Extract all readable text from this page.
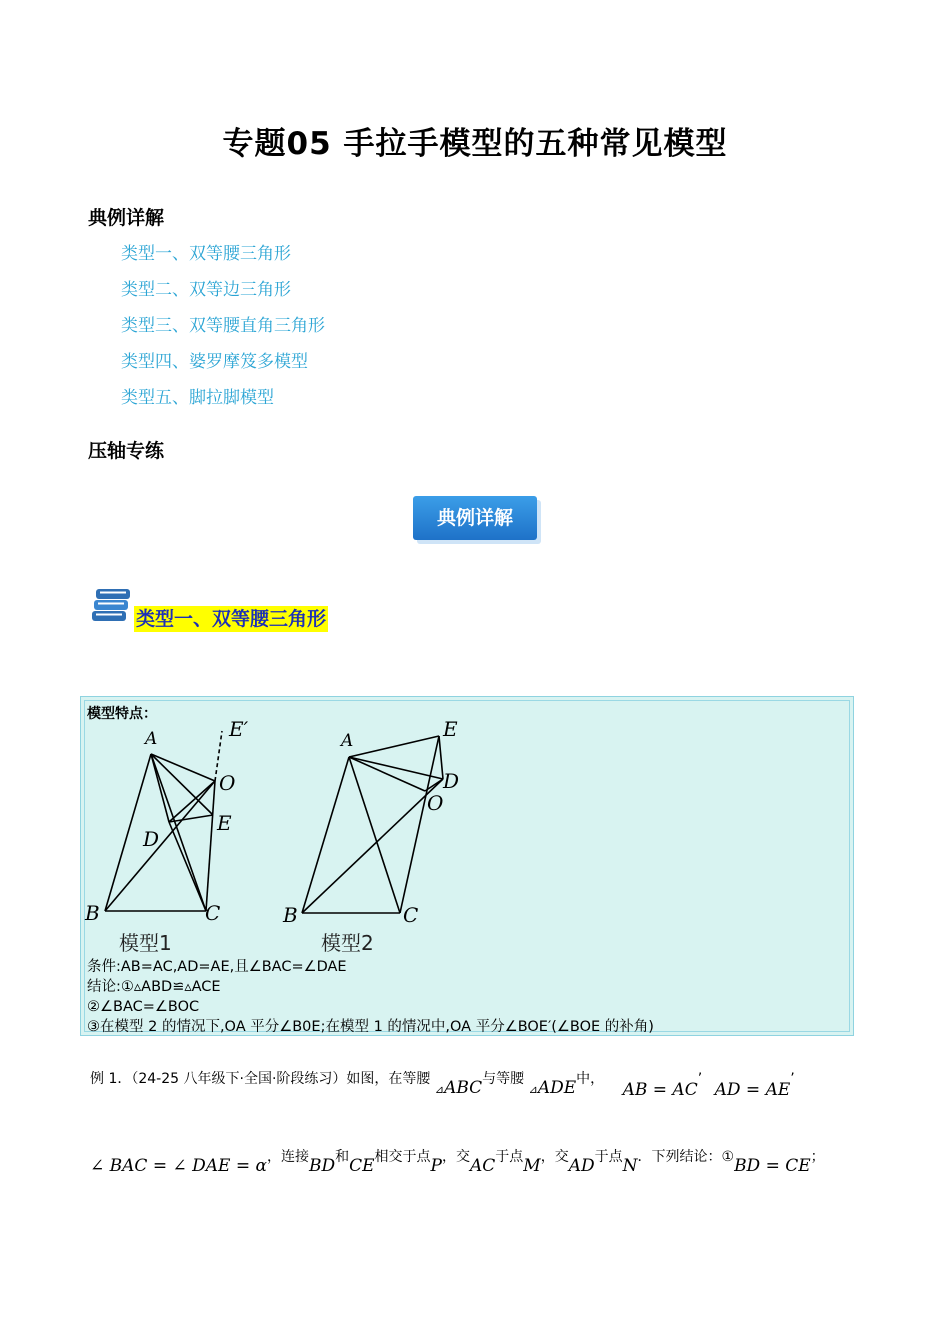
专题05 手拉手模型的五种常见模型
典例详解
类型一、双等腰三角形
类型二、双等边三角形
类型三、双等腰直角三角形
类型四、婆罗摩笈多模型
类型五、脚拉脚模型
压轴专练
典例详解
类型一、双等腰三角形
模型特点：
A	E′
O
E
D
B	C
模型1
A	E
D
O
B	C
模型2
条件:AB=AC,AD=AE,且∠BAC=∠DAE
结论:①▵ABD≌▵ACE
②∠BAC=∠BOC
③在模型 2 的情况下,OA 平分∠B0E;在模型 1 的情况中,OA 平分∠BOE′(∠BOE 的补角)
例 1．（24-25 八年级下·全国·阶段练习）如图，在等腰 ⊿ABC与等腰 ⊿ADE中， AB = AC’ AD = AE’
∠ BAC = ∠ DAE = α，连接BD和CE相交于点P，交AC于点M，交AD于点N．下列结论：①BD = CE；
